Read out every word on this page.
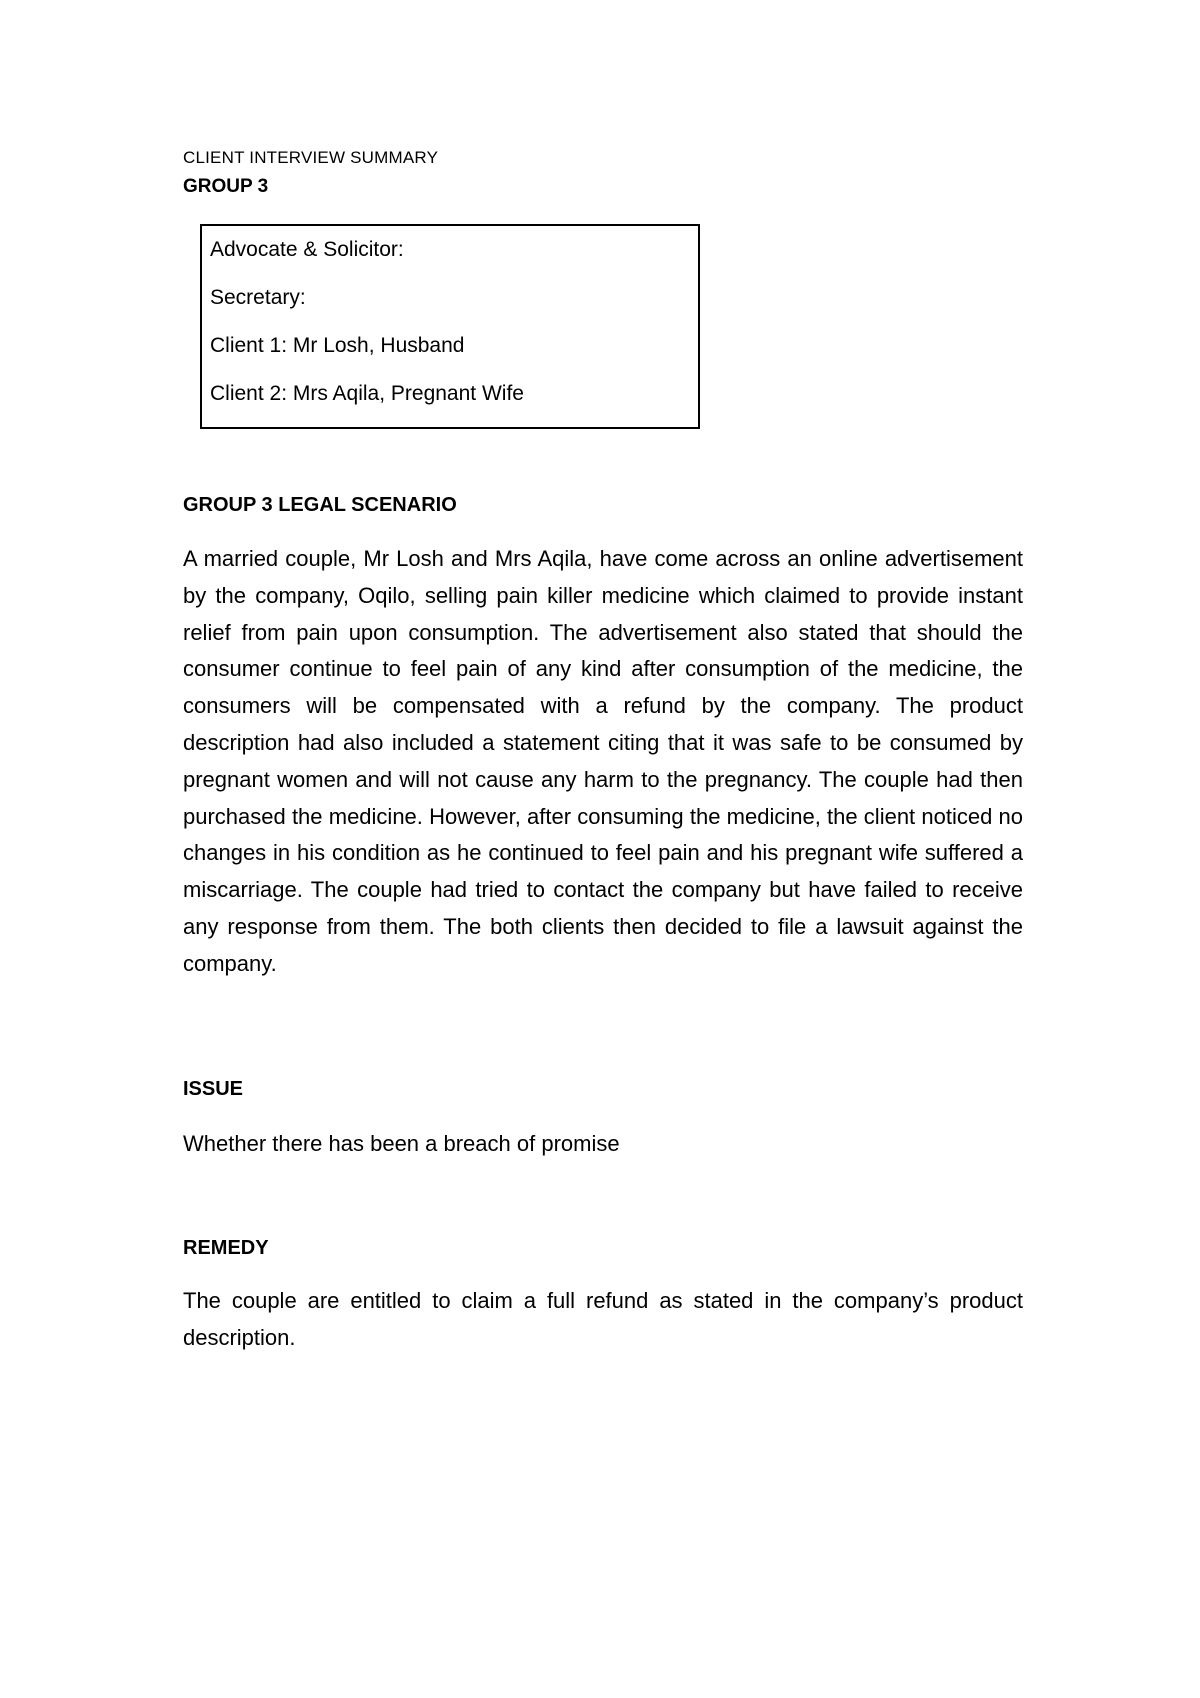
CLIENT INTERVIEW SUMMARY
GROUP 3
Advocate & Solicitor:
Secretary:
Client 1: Mr Losh, Husband
Client 2: Mrs Aqila, Pregnant Wife
GROUP 3 LEGAL SCENARIO
A married couple, Mr Losh and Mrs Aqila, have come across an online advertisement by the company, Oqilo, selling pain killer medicine which claimed to provide instant relief from pain upon consumption. The advertisement also stated that should the consumer continue to feel pain of any kind after consumption of the medicine, the consumers will be compensated with a refund by the company. The product description had also included a statement citing that it was safe to be consumed by pregnant women and will not cause any harm to the pregnancy. The couple had then purchased the medicine. However, after consuming the medicine, the client noticed no changes in his condition as he continued to feel pain and his pregnant wife suffered a miscarriage. The couple had tried to contact the company but have failed to receive any response from them. The both clients then decided to file a lawsuit against the company.
ISSUE
Whether there has been a breach of promise
REMEDY
The couple are entitled to claim a full refund as stated in the company’s product description.
